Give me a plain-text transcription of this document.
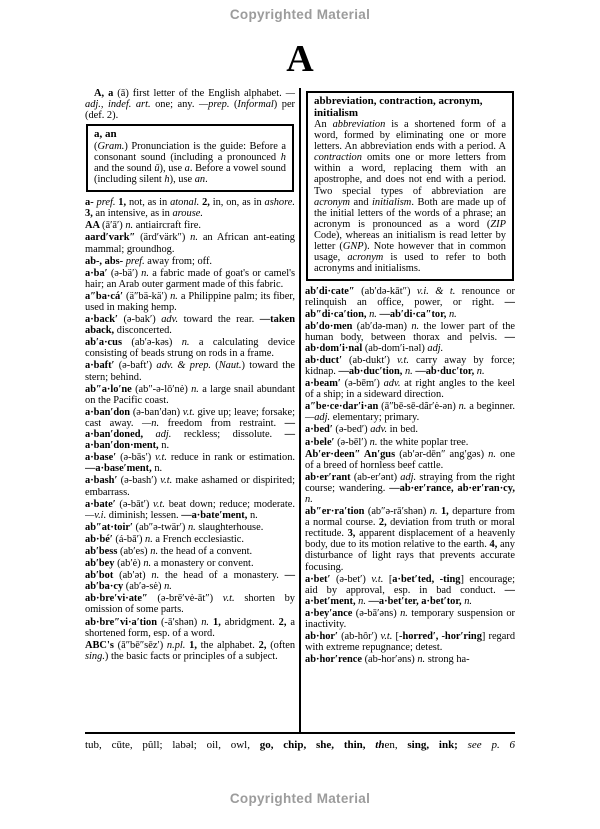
Copyrighted Material
A
A, a (ā) first letter of the English alphabet. —adj., indef. art. one; any. —prep. (Informal) per (def. 2).
a, an
(Gram.) Pronunciation is the guide: Before a consonant sound (including a pronounced h and the sound ū), use a. Before a vowel sound (including silent h), use an.
a- pref. 1, not, as in atonal. 2, in, on, as in ashore. 3, an intensive, as in arouse.
AA (ā′ā′) n. antiaircraft fire.
aard′vark″ (ärd′värk″) n. an African ant-eating mammal; groundhog.
ab-, abs- pref. away from; off.
a·ba′ (ə-bä′) n. a fabric made of goat's or camel's hair; an Arab outer garment made of this fabric.
a″ba·cá′ (ä″bä-kä′) n. a Philippine palm; its fiber, used in making hemp.
a·back′ (ə-bak′) adv. toward the rear. —taken aback, disconcerted.
ab′a·cus (ab′ə-kəs) n. a calculating device consisting of beads strung on rods in a frame.
a·baft′ (ə-baft′) adv. & prep. (Naut.) toward the stern; behind.
ab″a·lo′ne (ab″-ə-lō′nė) n. a large snail abundant on the Pacific coast.
a·ban′don (ə-ban′dən) v.t. give up; leave; forsake; cast away. —n. freedom from restraint. —a·ban′doned, adj. reckless; dissolute. —a·ban′don·ment, n.
a·base′ (ə-bās′) v.t. reduce in rank or estimation. —a·base′ment, n.
a·bash′ (ə-bash′) v.t. make ashamed or dispirited; embarrass.
a·bate′ (ə-bāt′) v.t. beat down; reduce; moderate. —v.i. diminish; lessen. —a·bate′ment, n.
ab″at·toir′ (ab″ə-twär′) n. slaughterhouse.
ab·bé′ (á-bā′) n. a French ecclesiastic.
ab′bess (ab′es) n. the head of a convent.
ab′bey (ab′ė) n. a monastery or convent.
ab′bot (ab′ət) n. the head of a monastery. —ab′ba·cy (ab′ə-sė) n.
ab·bre′vi·ate″ (ə-brē′vė-āt″) v.t. shorten by omission of some parts.
ab·bre″vi·a′tion (-ā′shən) n. 1, abridgment. 2, a shortened form, esp. of a word.
ABC's (ā″bē″sēz′) n.pl. 1, the alphabet. 2, (often sing.) the basic facts or principles of a subject.
abbreviation, contraction, acronym, initialism
An abbreviation is a shortened form of a word, formed by eliminating one or more letters. An abbreviation ends with a period. A contraction omits one or more letters from within a word, replacing them with an apostrophe, and does not end with a period. Two special types of abbreviation are acronym and initialism. Both are made up of the initial letters of the words of a phrase; an acronym is pronounced as a word (ZIP Code), whereas an initialism is read letter by letter (GNP). Note however that in common usage, acronym is used to refer to both acronyms and initialisms.
ab′di·cate″ (ab′də-kāt″) v.i. & t. renounce or relinquish an office, power, or right. —ab″di·ca′tion, n. —ab′di·ca″tor, n.
ab′do·men (ab′də-mən) n. the lower part of the human body, between thorax and pelvis. —ab·dom′i·nal (ab-dom′i-nəl) adj.
ab·duct′ (ab-dukt′) v.t. carry away by force; kidnap. —ab·duc′tion, n. —ab·duc′tor, n.
a·beam′ (ə-bēm′) adv. at right angles to the keel of a ship; in a sideward direction.
a″be·ce·dar′i·an (ā″bē-sē-dãr′ė-ən) n. a beginner. —adj. elementary; primary.
a·bed′ (ə-bed′) adv. in bed.
a·bele′ (ə-bēl′) n. the white poplar tree.
Ab′er·deen″ An′gus (ab′ər-dēn″ ang′gəs) n. one of a breed of hornless beef cattle.
ab·er′rant (ab-er′ənt) adj. straying from the right course; wandering. —ab·er′rance, ab·er′ran·cy, n.
ab″er·ra′tion (ab″ə-rā′shən) n. 1, departure from a normal course. 2, deviation from truth or moral rectitude. 3, apparent displacement of a heavenly body, due to its motion relative to the earth. 4, any disturbance of light rays that prevents accurate focusing.
a·bet′ (ə-bet′) v.t. [a·bet′ted, -ting] encourage; aid by approval, esp. in bad conduct. —a·bet′ment, n. —a·bet′ter, a·bet′tor, n.
a·bey′ance (ə-bā′əns) n. temporary suspension or inactivity.
ab·hor′ (ab-hôr′) v.t. [-horred′, -hor′ring] regard with extreme repugnance; detest.
ab·hor′rence (ab-hor′əns) n. strong ha-
tub, cūte, pûll; labəl; oil, owl, go, chip, she, thin, then, sing, ink; see p. 6
Copyrighted Material
